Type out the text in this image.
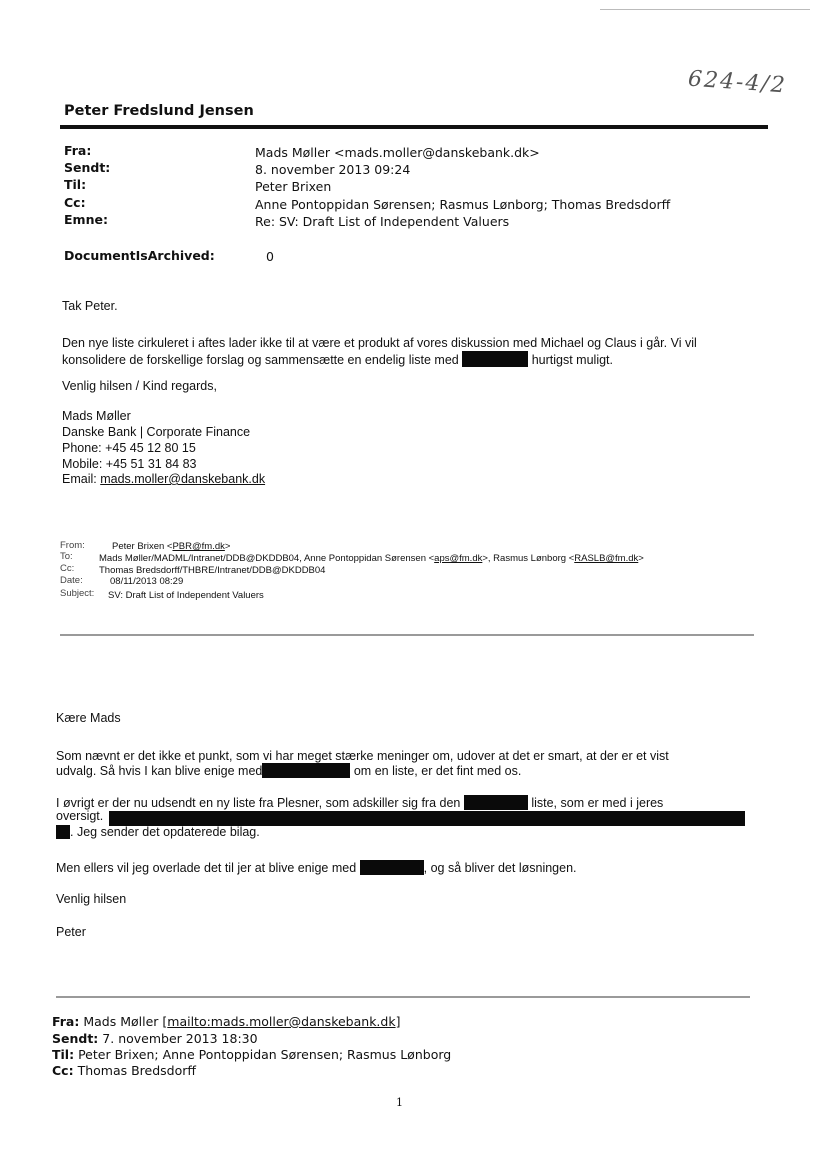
624-4/2
Peter Fredslund Jensen
Fra:	Mads Møller <mads.moller@danskebank.dk>
Sendt:	8. november 2013 09:24
Til:	Peter Brixen
Cc:	Anne Pontoppidan Sørensen; Rasmus Lønborg; Thomas Bredsdorff
Emne:	Re: SV: Draft List of Independent Valuers
DocumentIsArchived:	0
Tak Peter.
Den nye liste cirkuleret i aftes lader ikke til at være et produkt af vores diskussion med Michael og Claus i går. Vi vil
konsolidere de forskellige forslag og sammensætte en endelig liste med	hurtigst muligt.
Venlig hilsen / Kind regards,
Mads Møller
Danske Bank | Corporate Finance
Phone: +45 45 12 80 15
Mobile: +45 51 31 84 83
Email: mads.moller@danskebank.dk
From:	Peter Brixen <PBR@fm.dk>
To:	Mads Møller/MADML/Intranet/DDB@DKDDB04, Anne Pontoppidan Sørensen <aps@fm.dk>, Rasmus Lønborg <RASLB@fm.dk>
Cc:	Thomas Bredsdorff/THBRE/Intranet/DDB@DKDDB04
Date:	08/11/2013 08:29
Subject: SV: Draft List of Independent Valuers
Kære Mads
Som nævnt er det ikke et punkt, som vi har meget stærke meninger om, udover at det er smart, at der er et vist
udvalg. Så hvis I kan blive enige med	om en liste, er det fint med os.
I øvrigt er der nu udsendt en ny liste fra Plesner, som adskiller sig fra den	liste, som er med i jeres
oversigt.
. Jeg sender det opdaterede bilag.
Men ellers vil jeg overlade det til jer at blive enige med	, og så bliver det løsningen.
Venlig hilsen
Peter
Fra: Mads Møller [mailto:mads.moller@danskebank.dk]
Sendt: 7. november 2013 18:30
Til: Peter Brixen; Anne Pontoppidan Sørensen; Rasmus Lønborg
Cc: Thomas Bredsdorff
1
